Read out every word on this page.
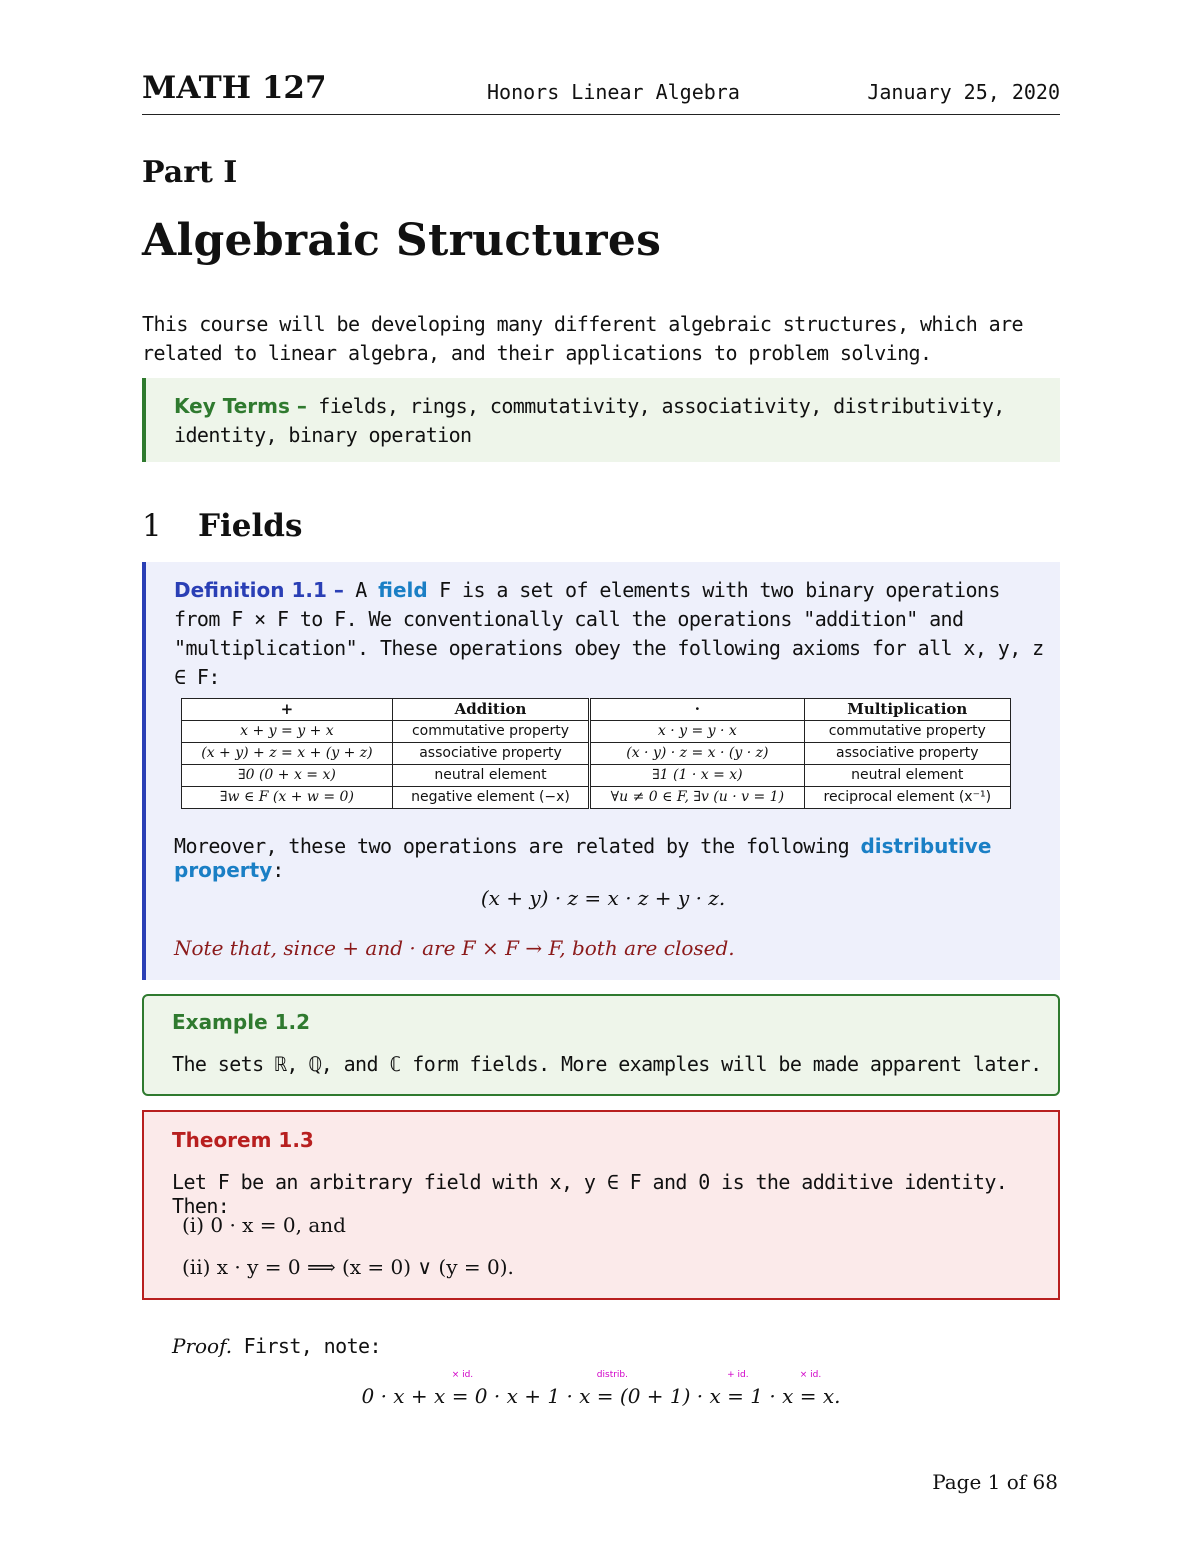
MATH 127	Honors Linear Algebra	January 25, 2020
Part I
Algebraic Structures
This course will be developing many different algebraic structures, which are related to linear algebra, and their applications to problem solving.
Key Terms – fields, rings, commutativity, associativity, distributivity, identity, binary operation
1 Fields
Definition 1.1 – A field F is a set of elements with two binary operations from F × F to F. We conventionally call the operations "addition" and "multiplication". These operations obey the following axioms for all x, y, z ∈ F:
+	Addition	·	Multiplication
x + y = y + x	commutative property	x · y = y · x	commutative property
(x + y) + z = x + (y + z)	associative property	(x · y) · z = x · (y · z)	associative property
∃0 (0 + x = x)	neutral element	∃1 (1 · x = x)	neutral element
∃w ∈ F (x + w = 0)	negative element (−x)	∀u ≠ 0 ∈ F, ∃v (u · v = 1)	reciprocal element (x⁻¹)
Moreover, these two operations are related by the following distributive property:
(x + y) · z = x · z + y · z.
Note that, since + and · are F × F → F, both are closed.
Example 1.2
The sets ℝ, ℚ, and ℂ form fields. More examples will be made apparent later.
Theorem 1.3
Let F be an arbitrary field with x, y ∈ F and 0 is the additive identity. Then:
(i) 0 · x = 0, and
(ii) x · y = 0 ⟹ (x = 0) ∨ (y = 0).
Proof. First, note:
0 · x + x
× id.
= 0 · x + 1 · x
distrib.
= (0 + 1) · x
+ id.
= 1 · x
× id.
= x.
Page 1 of 68
